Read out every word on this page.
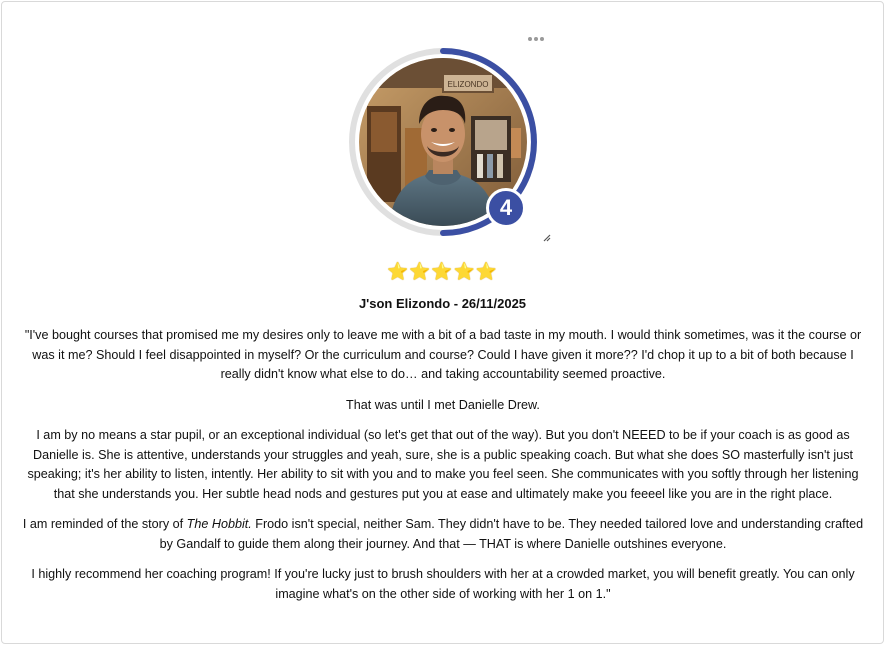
ELIZONDO
4
⭐⭐⭐⭐⭐
J'son Elizondo - 26/11/2025

"I've bought courses that promised me my desires only to leave me with a bit of a bad taste in my mouth. I would think sometimes, was it the course or was it me? Should I feel disappointed in myself? Or the curriculum and course? Could I have given it more?? I'd chop it up to a bit of both because I really didn't know what else to do… and taking accountability seemed proactive.

That was until I met Danielle Drew.

I am by no means a star pupil, or an exceptional individual (so let's get that out of the way). But you don't NEEED to be if your coach is as good as Danielle is. She is attentive, understands your struggles and yeah, sure, she is a public speaking coach. But what she does SO masterfully isn't just speaking; it's her ability to listen, intently. Her ability to sit with you and to make you feel seen. She communicates with you softly through her listening that she understands you. Her subtle head nods and gestures put you at ease and ultimately make you feeeel like you are in the right place.

I am reminded of the story of The Hobbit. Frodo isn't special, neither Sam. They didn't have to be. They needed tailored love and understanding crafted by Gandalf to guide them along their journey. And that — THAT is where Danielle outshines everyone.

I highly recommend her coaching program! If you're lucky just to brush shoulders with her at a crowded market, you will benefit greatly. You can only imagine what's on the other side of working with her 1 on 1."
